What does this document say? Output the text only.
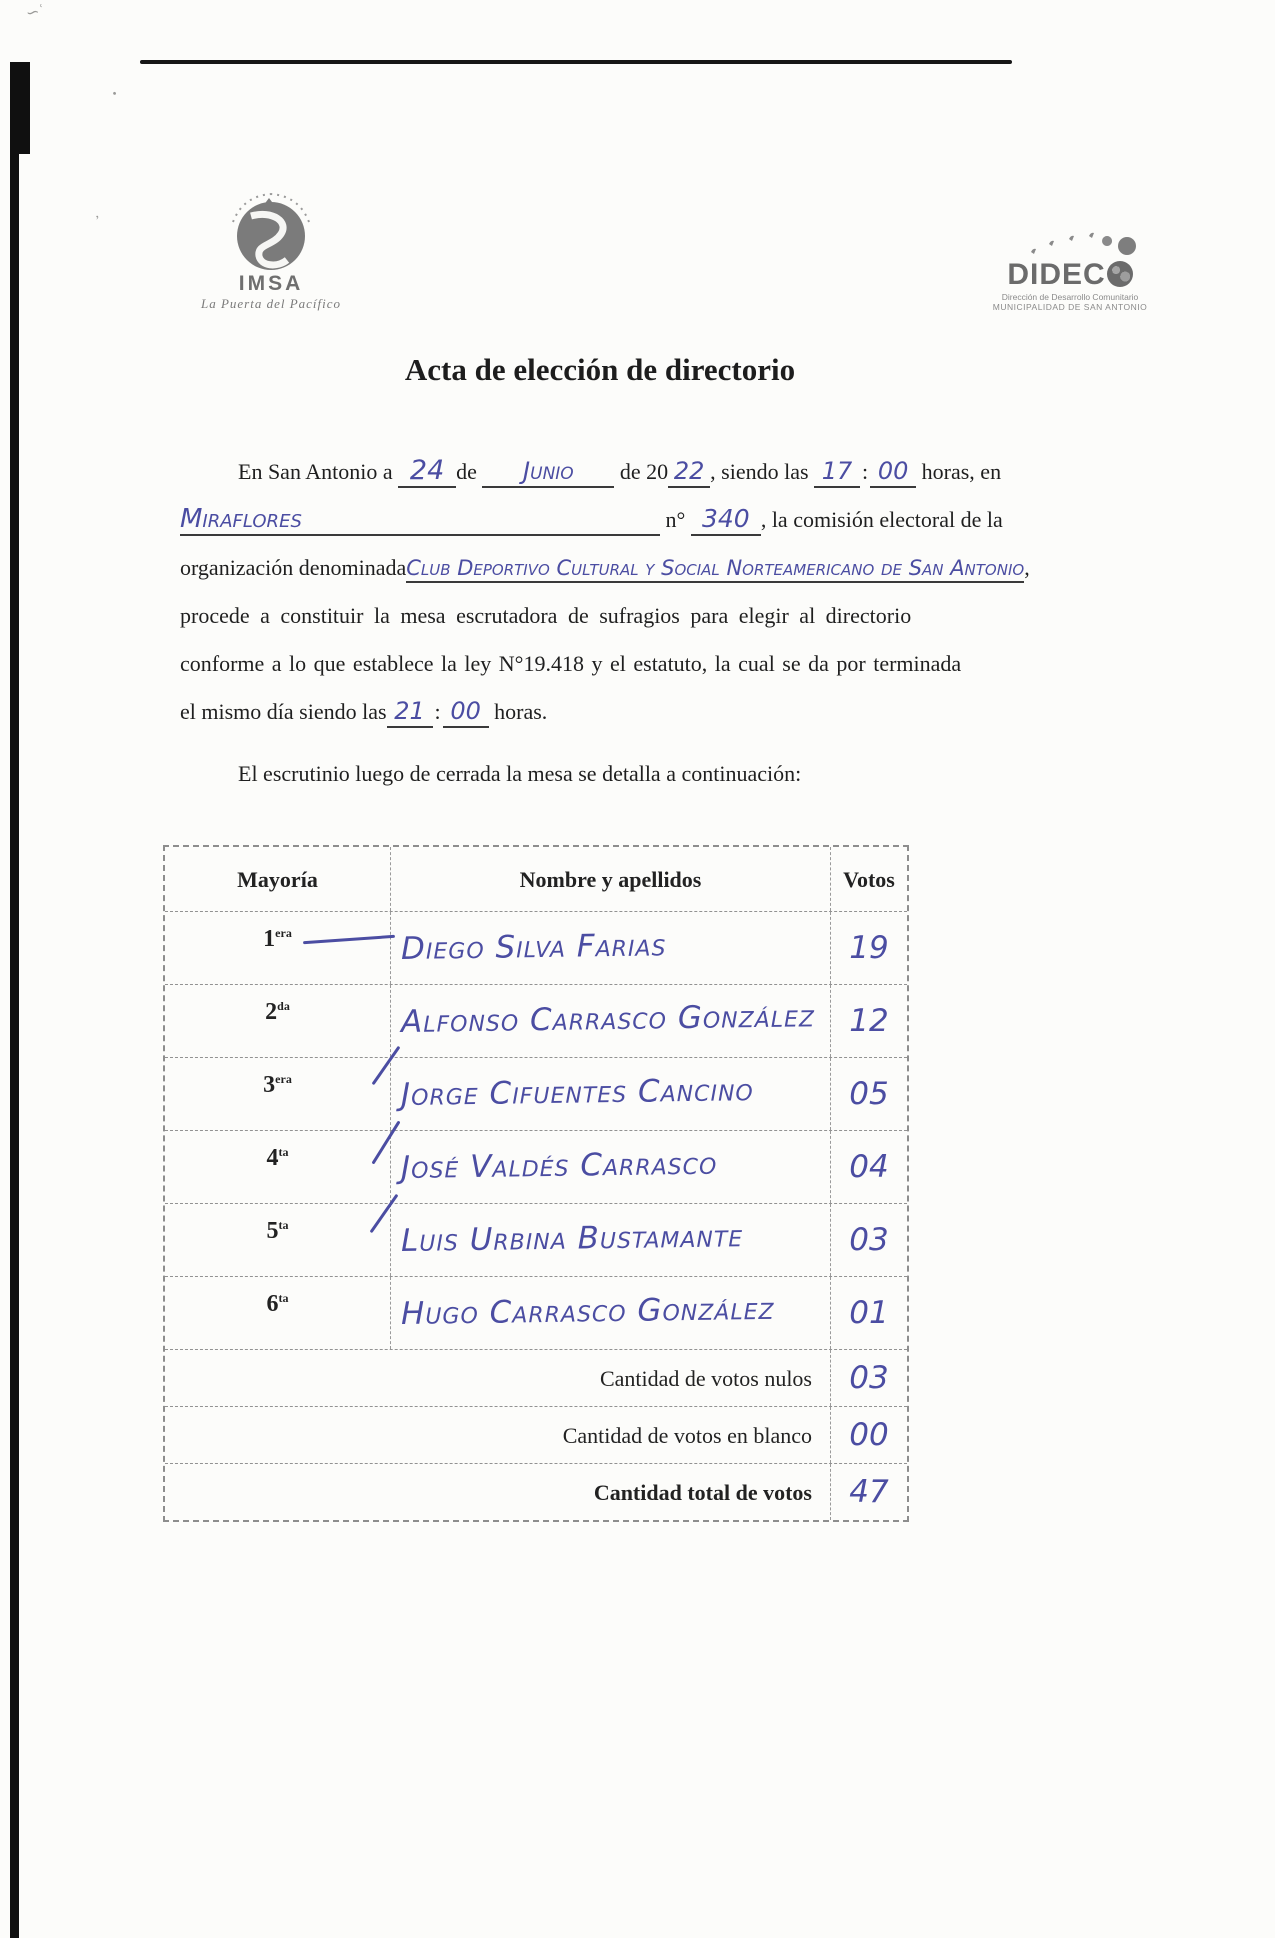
∽ʿ
•
’
IMSA
La Puerta del Pacífico
DIDEC
Dirección de Desarrollo Comunitario
MUNICIPALIDAD DE SAN ANTONIO
Acta de elección de directorio
En San Antonio a 24 de Junio de 20 22 , siendo las 17 : 00 horas, en
Miraflores	n° 340 , la comisión electoral de la
organización denominadaClub Deportivo Cultural y Social Norteamericano de San Antonio,
procede a constituir la mesa escrutadora de sufragios para elegir al directorio
conforme a lo que establece la ley N°19.418 y el estatuto, la cual se da por terminada
el mismo día siendo las 21 : 00 horas.
El escrutinio luego de cerrada la mesa se detalla a continuación:
Mayoría	Nombre y apellidos	Votos
$1^{era}$	Diego Silva Farias	19
$2^{da}$	Alfonso Carrasco González 12
$3^{era}$	Jorge Cifuentes Cancino	05
$4^{ta}$	José Valdés Carrasco	04
$5^{ta}$	Luis Urbina Bustamante	03
$6^{ta}$	Hugo Carrasco González 01
Cantidad de votos nulos	03
Cantidad de votos en blanco	00
Cantidad total de votos	47
